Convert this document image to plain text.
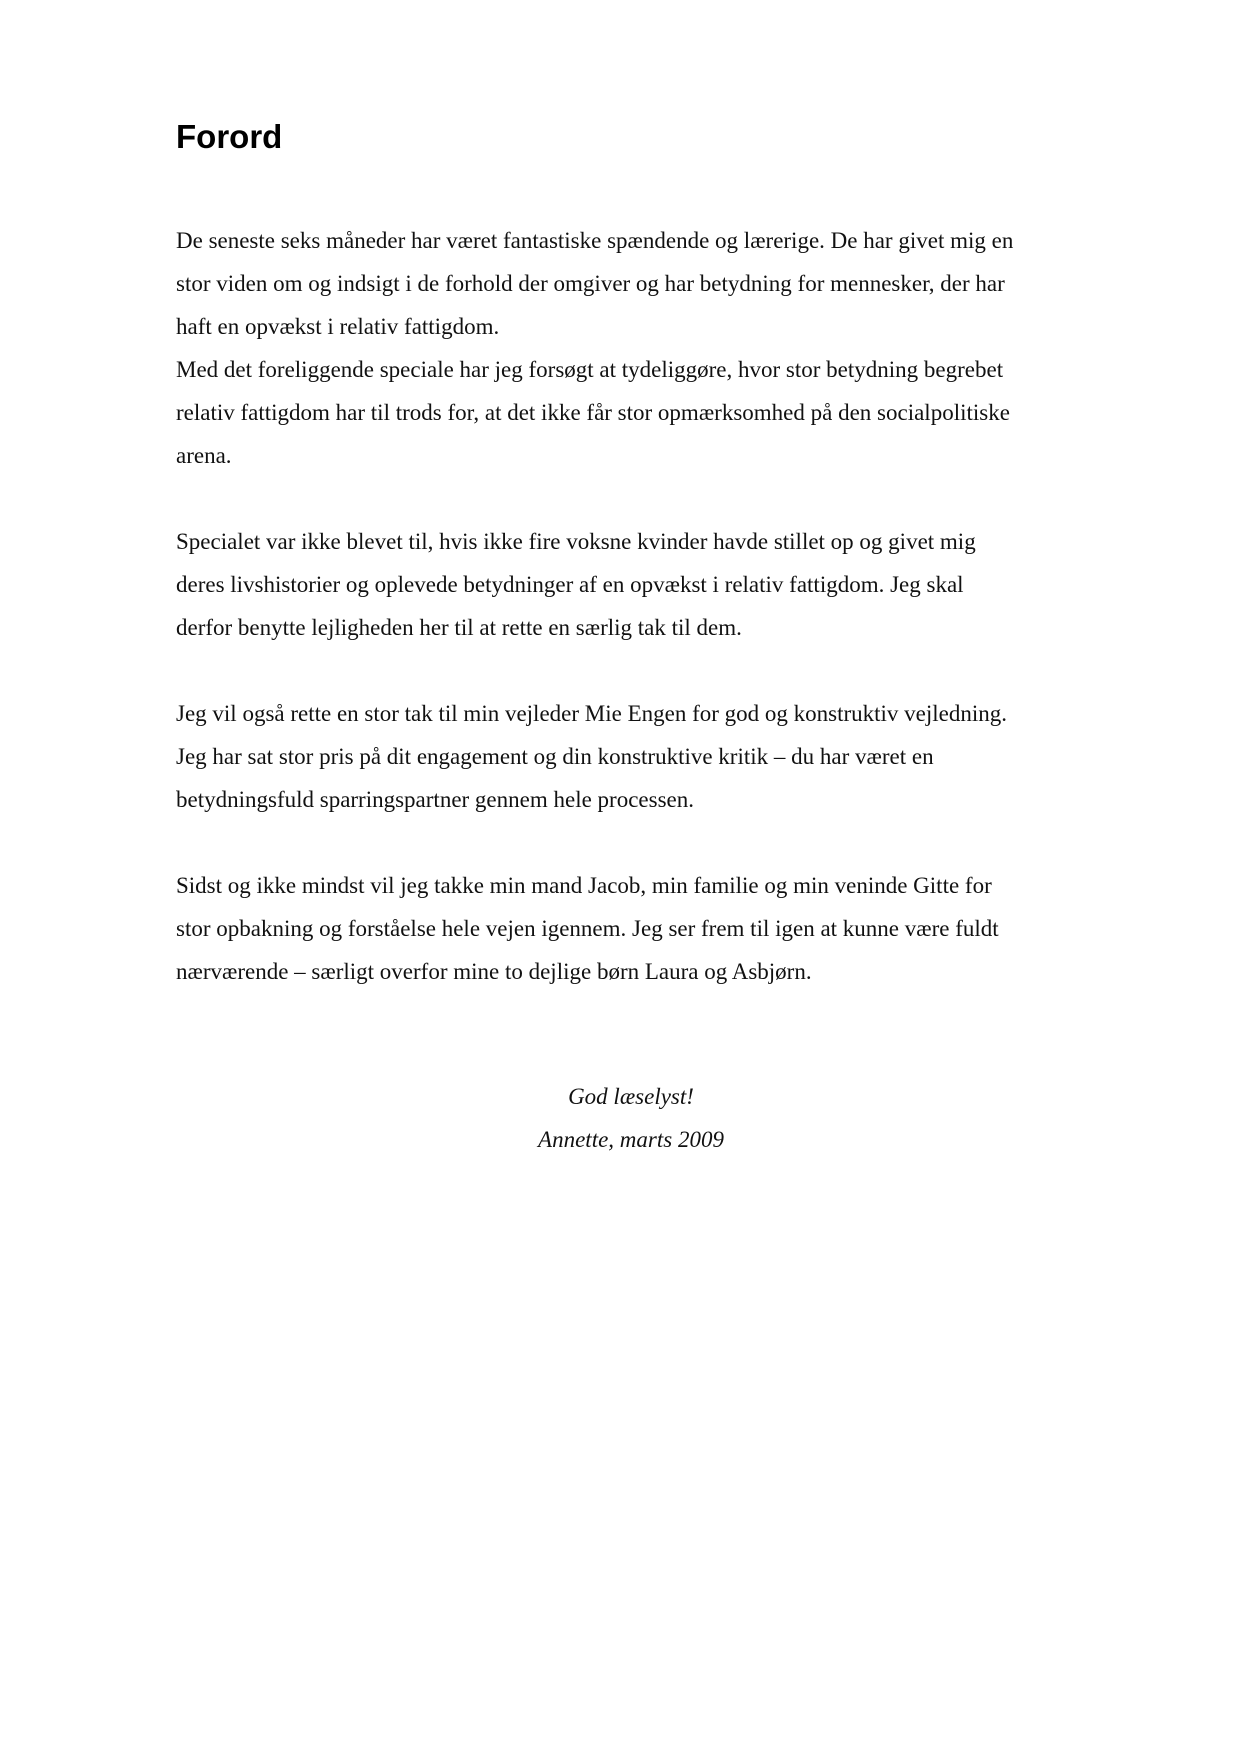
Forord
De seneste seks måneder har været fantastiske spændende og lærerige. De har givet mig en
stor viden om og indsigt i de forhold der omgiver og har betydning for mennesker, der har
haft en opvækst i relativ fattigdom.
Med det foreliggende speciale har jeg forsøgt at tydeliggøre, hvor stor betydning begrebet
relativ fattigdom har til trods for, at det ikke får stor opmærksomhed på den socialpolitiske
arena.
Specialet var ikke blevet til, hvis ikke fire voksne kvinder havde stillet op og givet mig
deres livshistorier og oplevede betydninger af en opvækst i relativ fattigdom. Jeg skal
derfor benytte lejligheden her til at rette en særlig tak til dem.
Jeg vil også rette en stor tak til min vejleder Mie Engen for god og konstruktiv vejledning.
Jeg har sat stor pris på dit engagement og din konstruktive kritik – du har været en
betydningsfuld sparringspartner gennem hele processen.
Sidst og ikke mindst vil jeg takke min mand Jacob, min familie og min veninde Gitte for
stor opbakning og forståelse hele vejen igennem. Jeg ser frem til igen at kunne være fuldt
nærværende – særligt overfor mine to dejlige børn Laura og Asbjørn.
God læselyst!
Annette, marts 2009
